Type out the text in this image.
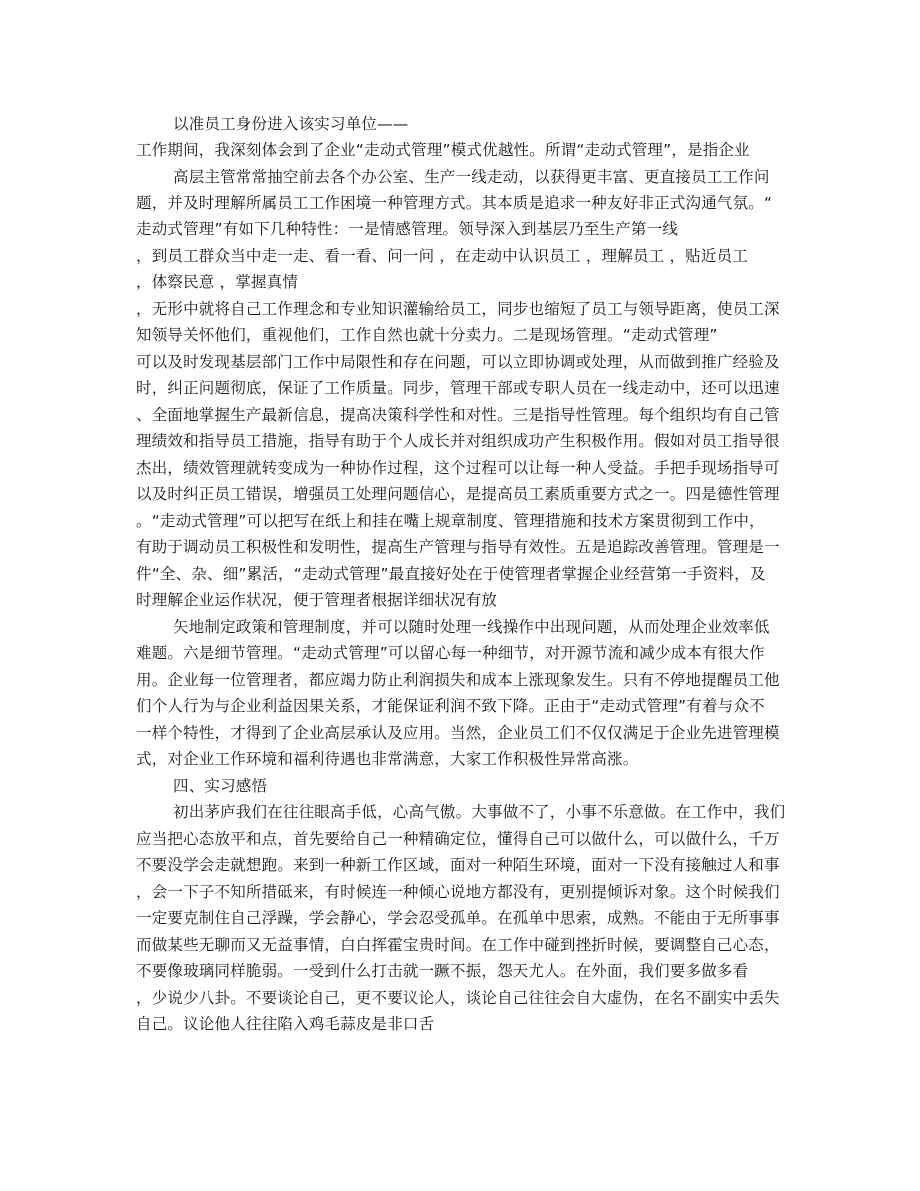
以准员工身份进入该实习单位——
工作期间，我深刻体会到了企业“走动式管理”模式优越性。所谓“走动式管理”，是指企业
高层主管常常抽空前去各个办公室、生产一线走动，以获得更丰富、更直接员工工作问
题，并及时理解所属员工工作困境一种管理方式。其本质是追求一种友好非正式沟通气氛。“
走动式管理”有如下几种特性：一是情感管理。领导深入到基层乃至生产第一线
，到员工群众当中走一走、看一看、问一问 ，在走动中认识员工 ，理解员工 ，贴近员工
，体察民意 ，掌握真情
，无形中就将自己工作理念和专业知识灌输给员工，同步也缩短了员工与领导距离，使员工深
知领导关怀他们，重视他们，工作自然也就十分卖力。二是现场管理。“走动式管理”
可以及时发现基层部门工作中局限性和存在问题，可以立即协调或处理，从而做到推广经验及
时，纠正问题彻底，保证了工作质量。同步，管理干部或专职人员在一线走动中，还可以迅速
、全面地掌握生产最新信息，提高决策科学性和对性。三是指导性管理。每个组织均有自己管
理绩效和指导员工措施，指导有助于个人成长并对组织成功产生积极作用。假如对员工指导很
杰出，绩效管理就转变成为一种协作过程，这个过程可以让每一种人受益。手把手现场指导可
以及时纠正员工错误，增强员工处理问题信心，是提高员工素质重要方式之一。四是德性管理
。“走动式管理”可以把写在纸上和挂在嘴上规章制度、管理措施和技术方案贯彻到工作中，
有助于调动员工积极性和发明性，提高生产管理与指导有效性。五是追踪改善管理。管理是一
件“全、杂、细”累活，“走动式管理”最直接好处在于使管理者掌握企业经营第一手资料，及
时理解企业运作状况，便于管理者根据详细状况有放
矢地制定政策和管理制度，并可以随时处理一线操作中出现问题，从而处理企业效率低
难题。六是细节管理。“走动式管理”可以留心每一种细节，对开源节流和减少成本有很大作
用。企业每一位管理者，都应竭力防止利润损失和成本上涨现象发生。只有不停地提醒员工他
们个人行为与企业利益因果关系，才能保证利润不致下降。正由于“走动式管理”有着与众不
一样个特性，才得到了企业高层承认及应用。当然，企业员工们不仅仅满足于企业先进管理模
式，对企业工作环境和福利待遇也非常满意，大家工作积极性异常高涨。
四、实习感悟
初出茅庐我们在往往眼高手低，心高气傲。大事做不了，小事不乐意做。在工作中，我们
应当把心态放平和点，首先要给自己一种精确定位，懂得自己可以做什么，可以做什么，千万
不要没学会走就想跑。来到一种新工作区域，面对一种陌生环境，面对一下没有接触过人和事
，会一下子不知所措砥来，有时候连一种倾心说地方都没有，更别提倾诉对象。这个时候我们
一定要克制住自己浮躁，学会静心，学会忍受孤单。在孤单中思索，成熟。不能由于无所事事
而做某些无聊而又无益事情，白白挥霍宝贵时间。在工作中碰到挫折时候，要调整自己心态，
不要像玻璃同样脆弱。一受到什么打击就一蹶不振，怨天尤人。在外面，我们要多做多看
，少说少八卦。不要谈论自己，更不要议论人，谈论自己往往会自大虚伪，在名不副实中丢失
自己。议论他人往往陷入鸡毛蒜皮是非口舌
